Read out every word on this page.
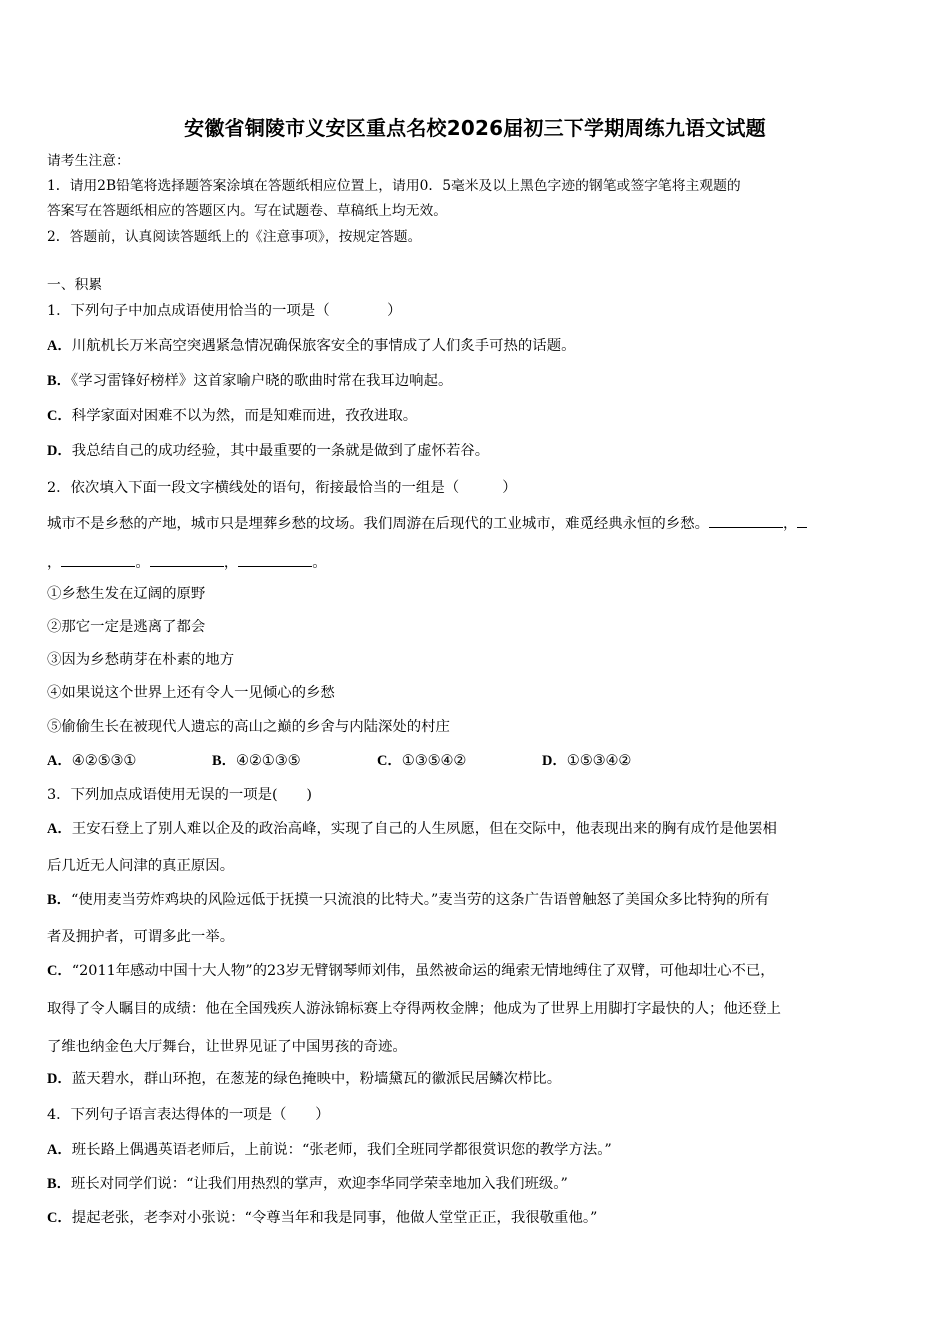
安徽省铜陵市义安区重点名校2026届初三下学期周练九语文试题
请考生注意：
1．请用2B铅笔将选择题答案涂填在答题纸相应位置上，请用0．5毫米及以上黑色字迹的钢笔或签字笔将主观题的
答案写在答题纸相应的答题区内。写在试题卷、草稿纸上均无效。
2．答题前，认真阅读答题纸上的《注意事项》，按规定答题。
一、积累
1．下列句子中加点成语使用恰当的一项是（　　　　）
A．川航机长万米高空突遇紧急情况确保旅客安全的事情成了人们炙手可热的话题。
B．《学习雷锋好榜样》这首家喻户晓的歌曲时常在我耳边响起。
C．科学家面对困难不以为然，而是知难而进，孜孜进取。
D．我总结自己的成功经验，其中最重要的一条就是做到了虚怀若谷。
2．依次填入下面一段文字横线处的语句，衔接最恰当的一组是（　　　）
城市不是乡愁的产地，城市只是埋葬乡愁的坟场。我们周游在后现代的工业城市，难觅经典永恒的乡愁。	，
，	。	，	。
①乡愁生发在辽阔的原野
②那它一定是逃离了都会
③因为乡愁萌芽在朴素的地方
④如果说这个世界上还有令人一见倾心的乡愁
⑤偷偷生长在被现代人遗忘的高山之巅的乡舍与内陆深处的村庄
A．④②⑤③①	B．④②①③⑤	C．①③⑤④②	D．①⑤③④②
3．下列加点成语使用无误的一项是(　　)
A．王安石登上了别人难以企及的政治高峰，实现了自己的人生夙愿，但在交际中，他表现出来的胸有成竹是他罢相
后几近无人问津的真正原因。
B．“使用麦当劳炸鸡块的风险远低于抚摸一只流浪的比特犬。”麦当劳的这条广告语曾触怒了美国众多比特狗的所有
者及拥护者，可谓多此一举。
C．“2011年感动中国十大人物”的23岁无臂钢琴师刘伟，虽然被命运的绳索无情地缚住了双臂，可他却壮心不已，
取得了令人瞩目的成绩：他在全国残疾人游泳锦标赛上夺得两枚金牌；他成为了世界上用脚打字最快的人；他还登上
了维也纳金色大厅舞台，让世界见证了中国男孩的奇迹。
D．蓝天碧水，群山环抱，在葱茏的绿色掩映中，粉墙黛瓦的徽派民居鳞次栉比。
4．下列句子语言表达得体的一项是（　　）
A．班长路上偶遇英语老师后，上前说：“张老师，我们全班同学都很赏识您的教学方法。”
B．班长对同学们说：“让我们用热烈的掌声，欢迎李华同学荣幸地加入我们班级。”
C．提起老张，老李对小张说：“令尊当年和我是同事，他做人堂堂正正，我很敬重他。”
